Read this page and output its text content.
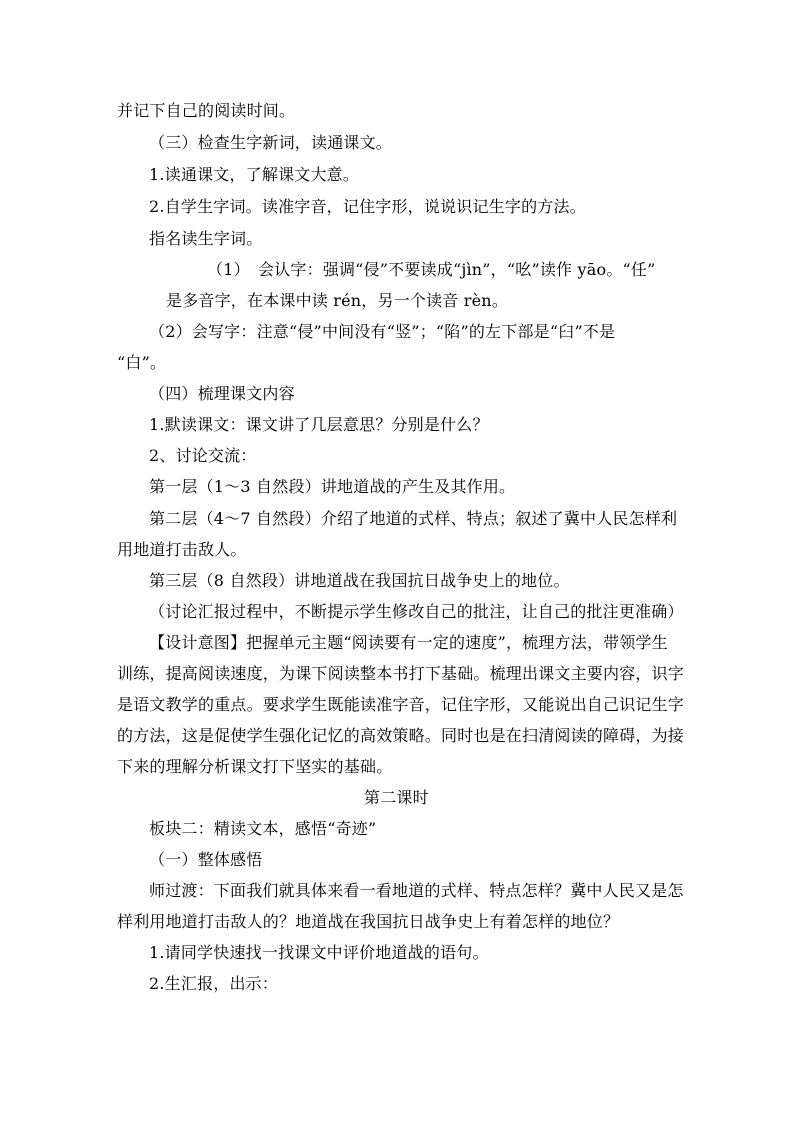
并记下自己的阅读时间。
（三）检查生字新词，读通课文。
1.读通课文，了解课文大意。
2.自学生字词。读准字音，记住字形，说说识记生字的方法。
指名读生字词。
（1）　会认字：强调“侵”不要读成“jìn”，“吆”读作 yāo。“任”
是多音字，在本课中读 rén，另一个读音 rèn。
（2）会写字：注意“侵”中间没有“竖”；“陷”的左下部是“臼”不是
“白”。
（四）梳理课文内容
1.默读课文：课文讲了几层意思？分别是什么？
2、讨论交流：
第一层（1～3 自然段）讲地道战的产生及其作用。
第二层（4～7 自然段）介绍了地道的式样、特点；叙述了冀中人民怎样利
用地道打击敌人。
第三层（8 自然段）讲地道战在我国抗日战争史上的地位。
（讨论汇报过程中，不断提示学生修改自己的批注，让自己的批注更准确）
【设计意图】把握单元主题“阅读要有一定的速度”，梳理方法，带领学生
训练，提高阅读速度，为课下阅读整本书打下基础。梳理出课文主要内容，识字
是语文教学的重点。要求学生既能读准字音，记住字形，又能说出自己识记生字
的方法，这是促使学生强化记忆的高效策略。同时也是在扫清阅读的障碍，为接
下来的理解分析课文打下坚实的基础。
第二课时
板块二：精读文本，感悟“奇迹”
（一）整体感悟
师过渡：下面我们就具体来看一看地道的式样、特点怎样？冀中人民又是怎
样利用地道打击敌人的？地道战在我国抗日战争史上有着怎样的地位？
1.请同学快速找一找课文中评价地道战的语句。
2.生汇报，出示：
